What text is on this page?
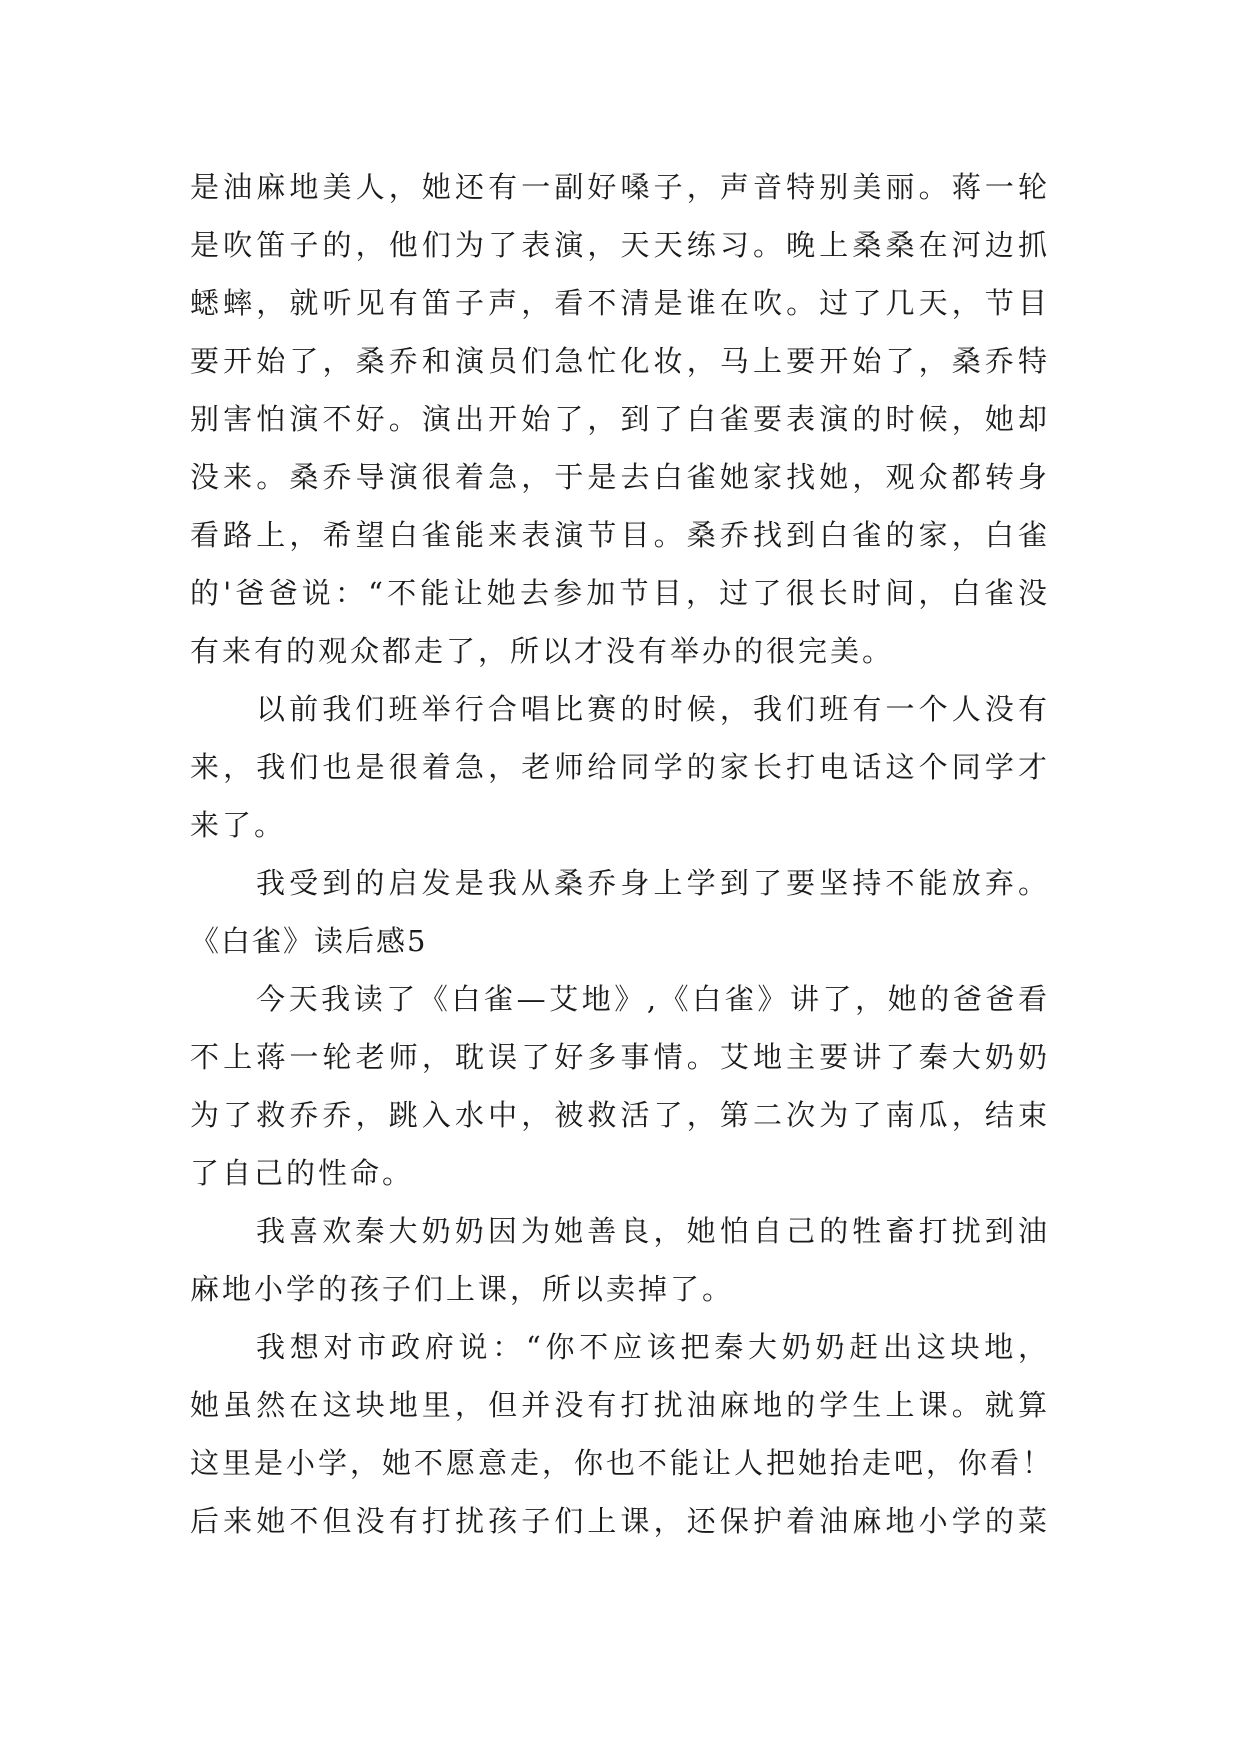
是油麻地美人，她还有一副好嗓子，声音特别美丽。蒋一轮
是吹笛子的，他们为了表演，天天练习。晚上桑桑在河边抓
蟋蟀，就听见有笛子声，看不清是谁在吹。过了几天，节目
要开始了，桑乔和演员们急忙化妆，马上要开始了，桑乔特
别害怕演不好。演出开始了，到了白雀要表演的时候，她却
没来。桑乔导演很着急，于是去白雀她家找她，观众都转身
看路上，希望白雀能来表演节目。桑乔找到白雀的家，白雀
的'爸爸说：“不能让她去参加节目，过了很长时间，白雀没
有来有的观众都走了，所以才没有举办的很完美。
以前我们班举行合唱比赛的时候，我们班有一个人没有
来，我们也是很着急，老师给同学的家长打电话这个同学才
来了。
我受到的启发是我从桑乔身上学到了要坚持不能放弃。
《白雀》读后感5
今天我读了《白雀—艾地》,《白雀》讲了，她的爸爸看
不上蒋一轮老师，耽误了好多事情。艾地主要讲了秦大奶奶
为了救乔乔，跳入水中，被救活了，第二次为了南瓜，结束
了自己的性命。
我喜欢秦大奶奶因为她善良，她怕自己的牲畜打扰到油
麻地小学的孩子们上课，所以卖掉了。
我想对市政府说：“你不应该把秦大奶奶赶出这块地，
她虽然在这块地里，但并没有打扰油麻地的学生上课。就算
这里是小学，她不愿意走，你也不能让人把她抬走吧，你看！
后来她不但没有打扰孩子们上课，还保护着油麻地小学的菜
